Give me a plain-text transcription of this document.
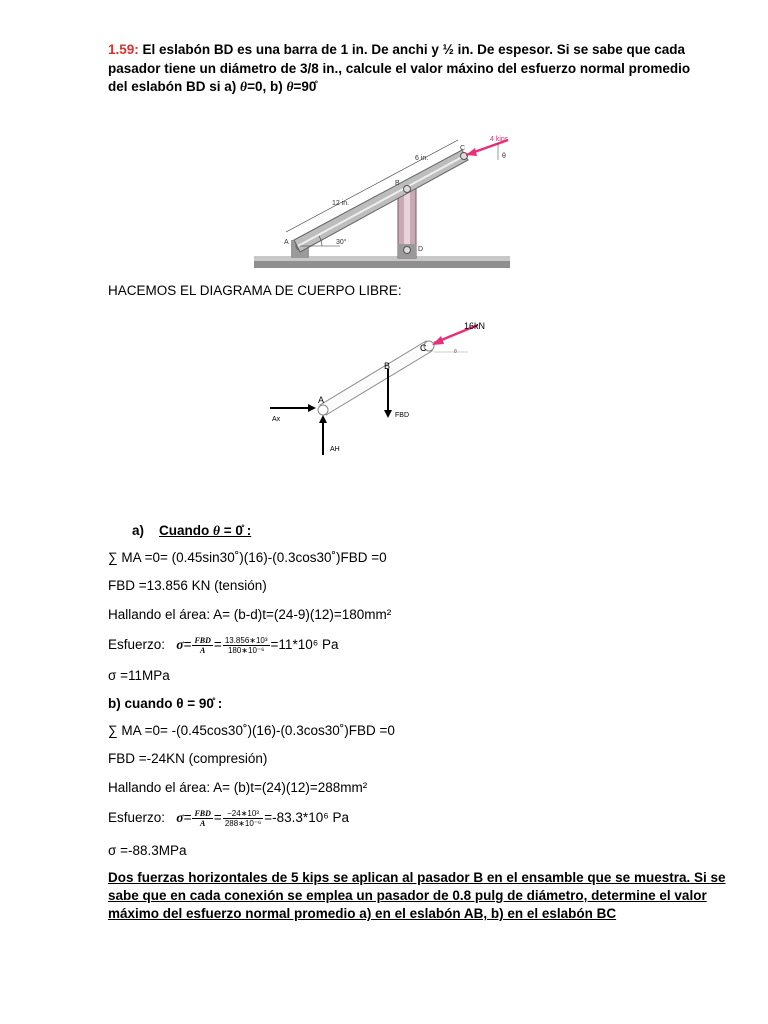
1.59: El eslabón BD es una barra de 1 in. De anchi y ½ in. De espesor. Si se sabe que cada
pasador tiene un diámetro de 3/8 in., calcule el valor máxino del esfuerzo normal promedio
del eslabón BD si a) θ=0, b) θ=90̊
12 in.
6 in.
30°
4 kips
θ
A
B
C
D
HACEMOS EL DIAGRAMA DE CUERPO LIBRE:
16kN
θ
Ax
AH
FBD
A
B
C
a) Cuando θ = 0̊ :
∑ MA =0= (0.45sin30˚)(16)-(0.3cos30˚)FBD =0
FBD =13.856 KN (tensión)
Hallando el área: A= (b-d)t=(24-9)(12)=180mm²
Esfuerzo: $\sigma= \frac{\text{FBD}}{A} = \frac{\text{13.856∗10³}}{\text{180∗10⁻⁶}} =11*10^6$ Pa
σ =11MPa
b) cuando θ = 90̊ :
∑ MA =0= -(0.45cos30˚)(16)-(0.3cos30˚)FBD =0
FBD =-24KN (compresión)
Hallando el área: A= (b)t=(24)(12)=288mm²
Esfuerzo: $\sigma= \frac{\text{FBD}}{A} = \frac{\text{−24∗10³}}{\text{288∗10⁻⁶}} =-83.3*10^6$ Pa
σ =-88.3MPa
Dos fuerzas horizontales de 5 kips se aplican al pasador B en el ensamble que se muestra. Si se
sabe que en cada conexión se emplea un pasador de 0.8 pulg de diámetro, determine el valor
máximo del esfuerzo normal promedio a) en el eslabón AB, b) en el eslabón BC
